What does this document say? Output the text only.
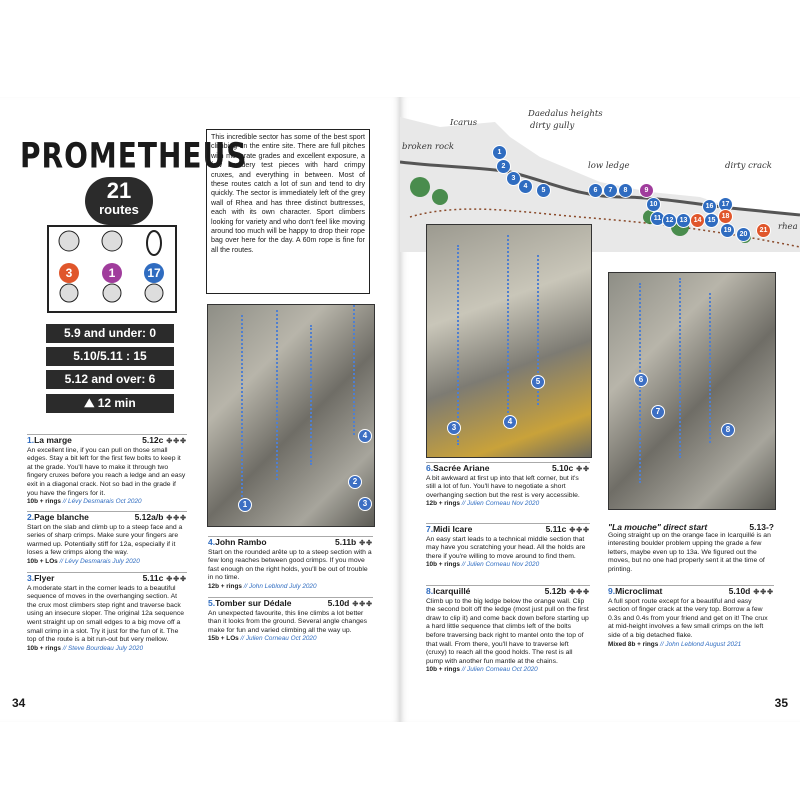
PROMETHEUS
21
routes
3	1	17
5.9 and under: 0
5.10/5.11 : 15
5.12 and over: 6
⛰ 12 min
This incredible sector has some of the best sport climbing on the entire site. There are full pitches with moderate grades and excellent exposure, a few bouldery test pieces with hard crimpy cruxes, and everything in between. Most of these routes catch a lot of sun and tend to dry quickly. The sector is immediately left of the grey wall of Rhea and has three distinct buttresses, each with its own character. Sport climbers looking for variety and who don't feel like moving around too much will be happy to drop their rope bag over here for the day. A 60m rope is fine for all the routes.
1
4
2
3
1.La marge	5.12c ✤✤✤
An excellent line, if you can pull on those small edges. Stay a bit left for the first few bolts to keep it at the grade. You'll have to make it through two fingery cruxes before you reach a ledge and an easy exit in a diagonal crack. Not so bad in the grade if you have the fingers for it.
10b + rings // Lévy Desmarais Oct 2020
2.Page blanche	5.12a/b ✤✤✤
Start on the slab and climb up to a steep face and a series of sharp crimps. Make sure your fingers are warmed up. Potentially stiff for 12a, especially if it loses a few crimps along the way.
10b + LOs // Lévy Desmarais July 2020
3.Flyer	5.11c ✤✤✤
A moderate start in the corner leads to a beautiful sequence of moves in the overhanging section. At the crux most climbers step right and traverse back using an insecure sloper. The original 12a sequence went straight up on small edges to a big move off a small crimp in a slot. Try it just for the fun of it. The top of the route is a bit run-out but very mellow.
10b + rings // Steve Bourdeau July 2020
4.John Rambo	5.11b ✤✤
Start on the rounded arête up to a steep section with a few long reaches between good crimps. If you move fast enough on the right holds, you'll be out of trouble in no time.
12b + rings // John Leblond July 2020
5.Tomber sur Dédale	5.10d ✤✤✤
An unexpected favourite, this line climbs a lot better than it looks from the ground. Several angle changes make for fun and varied climbing all the way up.
15b + LOs // Julien Corneau Oct 2020
34
Icarus
broken rock
Daedalus heights
dirty gully
low ledge	dirty crack
rhea
1
2
3
4
5	6	7	8	9
10
11 12 13 14 15
16	17
18
19
20
21
3
4
5	6
7
8
6.Sacrée Ariane	5.10c ✤✤
A bit awkward at first up into that left corner, but it's still a lot of fun. You'll have to negotiate a short overhanging section but the rest is very accessible.
12b + rings // Julien Corneau Nov 2020
7.Midi Icare	5.11c ✤✤✤
An easy start leads to a technical middle section that may have you scratching your head. All the holds are there if you're willing to move around to find them.
10b + rings // Julien Corneau Nov 2020
8.Icarquillé	5.12b ✤✤✤
Climb up to the big ledge below the orange wall. Clip the second bolt off the ledge (most just pull on the first draw to clip it) and come back down before starting up a hard little sequence that climbs left of the bolts before traversing back right to mantel onto the top of that wall. From there, you'll have to traverse left (cruxy) to reach all the good holds. The rest is all pump with another fun mantle at the chains.
10b + rings // Julien Corneau Oct 2020
"La mouche" direct start	5.13-?
Going straight up on the orange face in Icarquillé is an interesting boulder problem upping the grade a few letters, maybe even up to 13a. We figured out the moves, but no one had properly sent it at the time of printing.
9.Microclimat	5.10d ✤✤✤
A full sport route except for a beautiful and easy section of finger crack at the very top. Borrow a few 0.3s and 0.4s from your friend and get on it! The crux at mid-height involves a few small crimps on the left side of a big detached flake.
Mixed 8b + rings // John Leblond August 2021
35
